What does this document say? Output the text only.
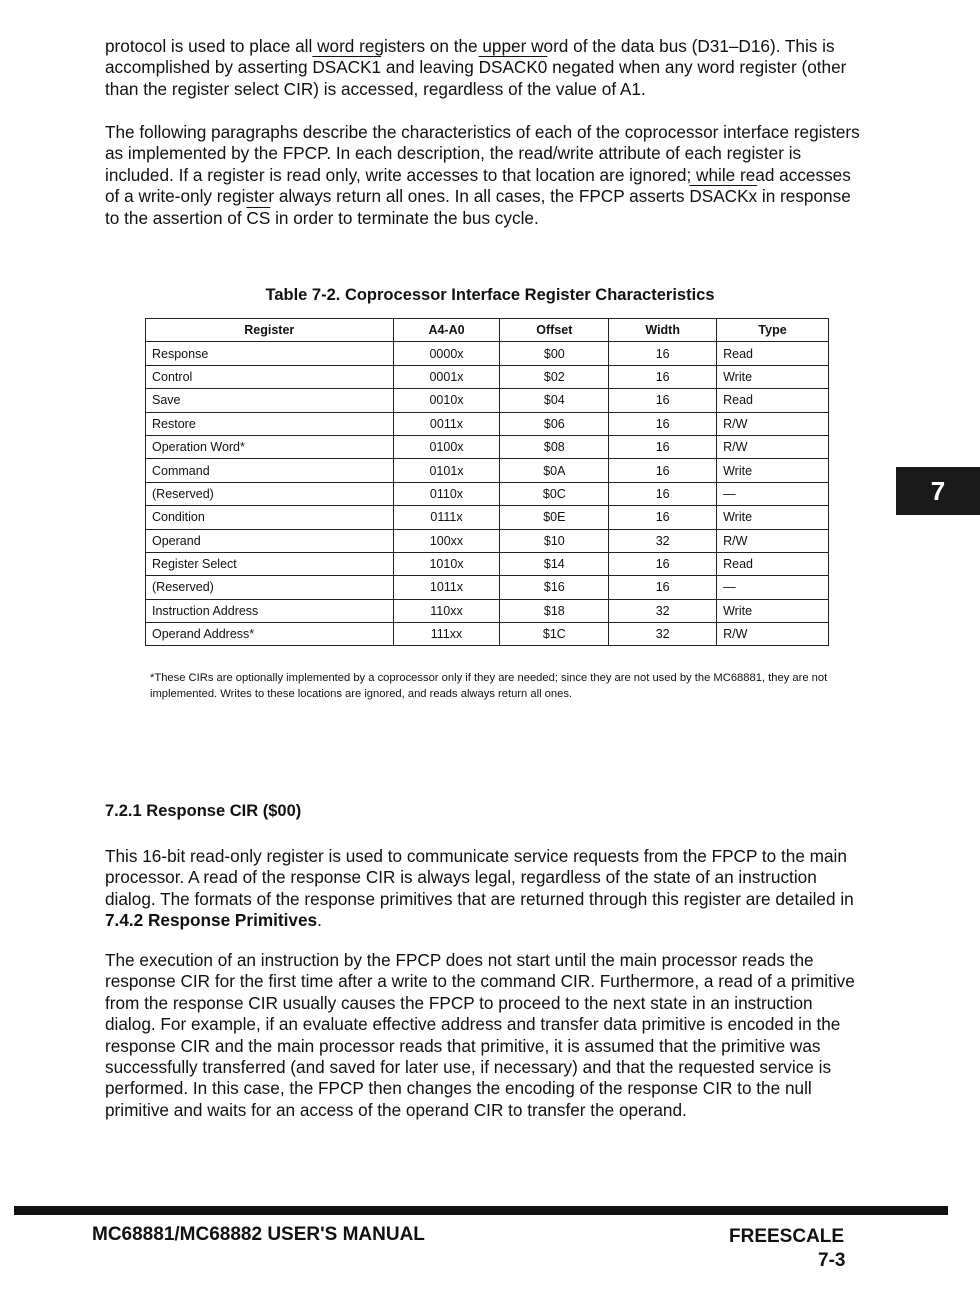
protocol is used to place all word registers on the upper word of the data bus (D31–D16). This is accomplished by asserting DSACK1 and leaving DSACK0 negated when any word register (other than the register select CIR) is accessed, regardless of the value of A1.

The following paragraphs describe the characteristics of each of the coprocessor interface registers as implemented by the FPCP. In each description, the read/write attribute of each register is included. If a register is read only, write accesses to that location are ignored; while read accesses of a write-only register always return all ones. In all cases, the FPCP asserts DSACKx in response to the assertion of $\overline{CS}$ in order to terminate the bus cycle.

Table 7-2. Coprocessor Interface Register Characteristics

Register	A4-A0	Offset	Width	Type
Response	0000x	$00	16	Read
Control	0001x	$02	16	Write
Save	0010x	$04	16	Read
Restore	0011x	$06	16	R/W
Operation Word*	0100x	$08	16	R/W
Command	0101x	$0A	16	Write
(Reserved)	0110x	$0C	16	—
Condition	0111x	$0E	16	Write
Operand	100xx	$10	32	R/W
Register Select	1010x	$14	16	Read
(Reserved)	1011x	$16	16	—
Instruction Address	110xx	$18	32	Write
Operand Address*	111xx	$1C	32	R/W

*These CIRs are optionally implemented by a coprocessor only if they are needed; since they are not used by the MC68881, they are not implemented. Writes to these locations are ignored, and reads always return all ones.

7

7.2.1 Response CIR ($00)

This 16-bit read-only register is used to communicate service requests from the FPCP to the main processor. A read of the response CIR is always legal, regardless of the state of an instruction dialog. The formats of the response primitives that are returned through this register are detailed in 7.4.2 Response Primitives.

The execution of an instruction by the FPCP does not start until the main processor reads the response CIR for the first time after a write to the command CIR. Furthermore, a read of a primitive from the response CIR usually causes the FPCP to proceed to the next state in an instruction dialog. For example, if an evaluate effective address and transfer data primitive is encoded in the response CIR and the main processor reads that primitive, it is assumed that the primitive was successfully transferred (and saved for later use, if necessary) and that the requested service is performed. In this case, the FPCP then changes the encoding of the response CIR to the null primitive and waits for an access of the operand CIR to transfer the operand.

MC68881/MC68882 USER'S MANUAL	FREESCALE

7-3
